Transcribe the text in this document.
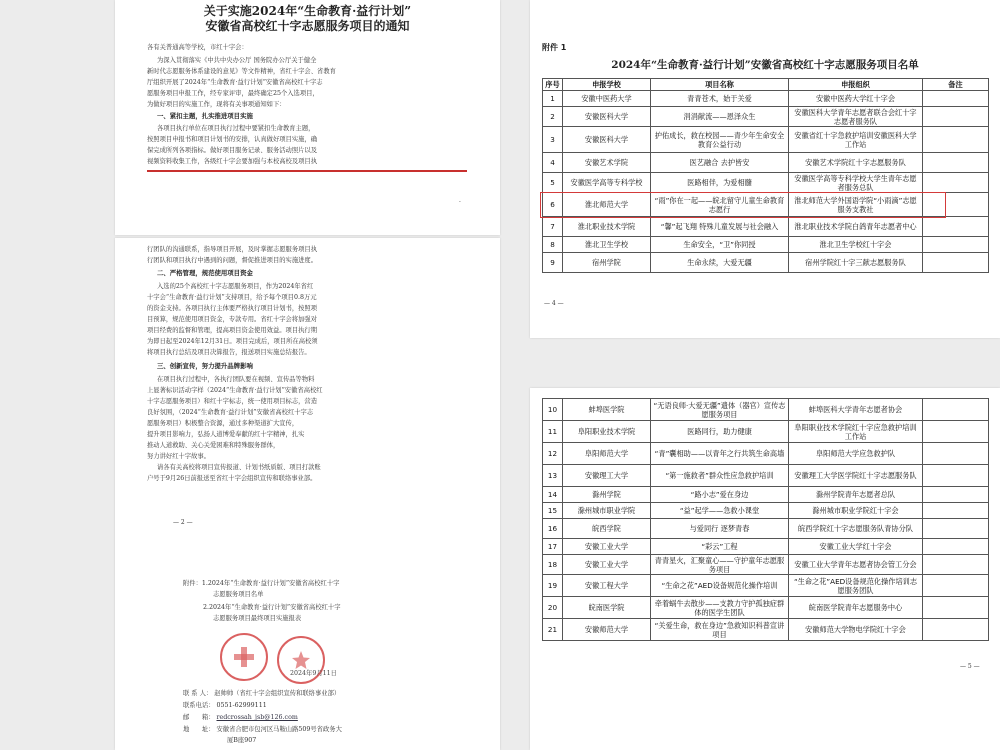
关于实施2024年“生命教育·益行计划”
安徽省高校红十字志愿服务项目的通知
各有关普通高等学校，市红十字会：
为深入贯彻落实《中共中央办公厅 国务院办公厅关于健全
新时代志愿服务体系建设的意见》等文件精神，省红十字会、省教育
厅组织开展了2024年“生命教育·益行计划”安徽省高校红十字志
愿服务项目申报工作，经专家评审，最终确定25个入选项目，
为做好项目的实施工作，现将有关事项通知如下：
一、紧扣主题，扎实推进项目实施
各项目执行单位在项目执行过程中要紧扣生命教育主题，
按照项目申报书和项目计划书的安排，认真做好项目实施，确
保完成所列各项指标。做好项目服务记录、服务活动照片以及
视频资料收集工作，各级红十字会要加强与本校高校及项目执
·
行团队的沟通联系，指导项目开展，及时掌握志愿服务项目执
行团队和项目执行中遇到的问题，督促推进项目的实施进度。
二、严格管理，规范使用项目资金
入选的25个高校红十字志愿服务项目，作为2024年省红
十字会“生命教育·益行计划”支持项目，给予每个项目0.8万元
的资金支持。各项目执行主体要严格执行项目计划书，按照项
目预算，规范使用项目资金，专款专用。省红十字会将加强对
项目经费的监督和管理，提高项目资金使用效益。项目执行期
为即日起至2024年12月31日。项目完成后，项目所在高校须
将项目执行总结及项目决算报告，报送项目实施总结报告。
三、创新宣传，努力提升品牌影响
在项目执行过程中，各执行团队要在视频、宣传品等物料
上显著标识活动字样（2024“生命教育·益行计划”安徽省高校红
十字志愿服务项目）和红十字标志，统一使用项目标志，营造
良好氛围，（2024“生命教育·益行计划”安徽省高校红十字志
愿服务项目）积极整合资源，通过多种渠道扩大宣传，
提升项目影响力，弘扬人道博爱奉献的红十字精神，扎实
推动人道救助、关心关爱困难和特殊服务群体，
努力讲好红十字故事。
请各有关高校将项目宣传报道、计划书纸质版、项目打款账
户号于9月26日前报送至省红十字会组织宣传和联络事业部。
— 2 —
附件：1.2024年“生命教育·益行计划”安徽省高校红十字
志愿服务项目名单
2.2024年“生命教育·益行计划”安徽省高校红十字
志愿服务项目最终项目实施报表
2024年9月11日
联 系 人： 赵帅帅（省红十字会组织宣传和联络事业部）
联系电话： 0551-62999111
邮　　箱： redcrossah_jsb@126.com
地　　址： 安徽省合肥市包河区马鞍山路509号省政务大
厦B座907
附件 1
2024年“生命教育·益行计划”安徽省高校红十字志愿服务项目名单
序号	申报学校	项目名称	申报组织	备注
1	安徽中医药大学	青青苍术，始于关爱	安徽中医药大学红十字会	
2	安徽医科大学	涓涓献流——恩泽众生	安徽医科大学青年志愿者联合会红十字志愿者服务队	
3	安徽医科大学	护佑成长，救在校园——青少年生命安全教育公益行动	安徽省红十字急救护培训安徽医科大学工作站	
4	安徽艺术学院	医艺融合 去护皆安	安徽艺术学院红十字志愿服务队	
5	安徽医学高等专科学校	医路相伴，为爱相髓	安徽医学高等专科学校大学生青年志愿者服务总队	
6	淮北师范大学	“雨”你在一起——皖北留守儿童生命教育志愿行	淮北师范大学外国语学院“小雨滴”志愿服务支教社	
7	淮北职业技术学院	“馨”起飞翔 特殊儿童发展与社会融入	淮北职业技术学院白鸽青年志愿者中心	
8	淮北卫生学校	生命安全，“卫”你同授	淮北卫生学校红十字会	
9	宿州学院	生命永续，大爱无疆	宿州学院红十字三献志愿服务队	
— 4 —
10	蚌埠医学院	“无语良师·大爱无疆”遗体（器官）宣传志愿服务项目	蚌埠医科大学青年志愿者协会	
11	阜阳职业技术学院	医路同行，助力健康	阜阳职业技术学院红十字应急救护培训工作站	
12	阜阳师范大学	“青”囊相助——以青年之行共筑生命高墙	阜阳师范大学应急救护队	
13	安徽理工大学	“第一施救者”群众性应急救护培训	安徽理工大学医学院红十字志愿服务队	
14	滁州学院	“路小志”爱在身边	滁州学院青年志愿者总队	
15	滁州城市职业学院	“益”起学——急救小课堂	滁州城市职业学院红十字会	
16	皖西学院	与爱同行 逐梦青春	皖西学院红十字志愿服务队青协分队	
17	安徽工业大学	“彩云”工程	安徽工业大学红十字会	
18	安徽工业大学	青青星火，汇聚童心——守护童年志愿服务项目	安徽工业大学青年志愿者协会管工分会	
19	安徽工程大学	“生命之花”AED设备规范化操作培训	“生命之花”AED设备规范化操作培训志愿服务团队	
20	皖南医学院	牵着蜗牛去散步——支教力守护孤独症群体的医学生团队	皖南医学院青年志愿服务中心	
21	安徽师范大学	“关爱生命，救在身边”急救知识科普宣讲项目	安徽师范大学物电学院红十字会	
— 5 —
